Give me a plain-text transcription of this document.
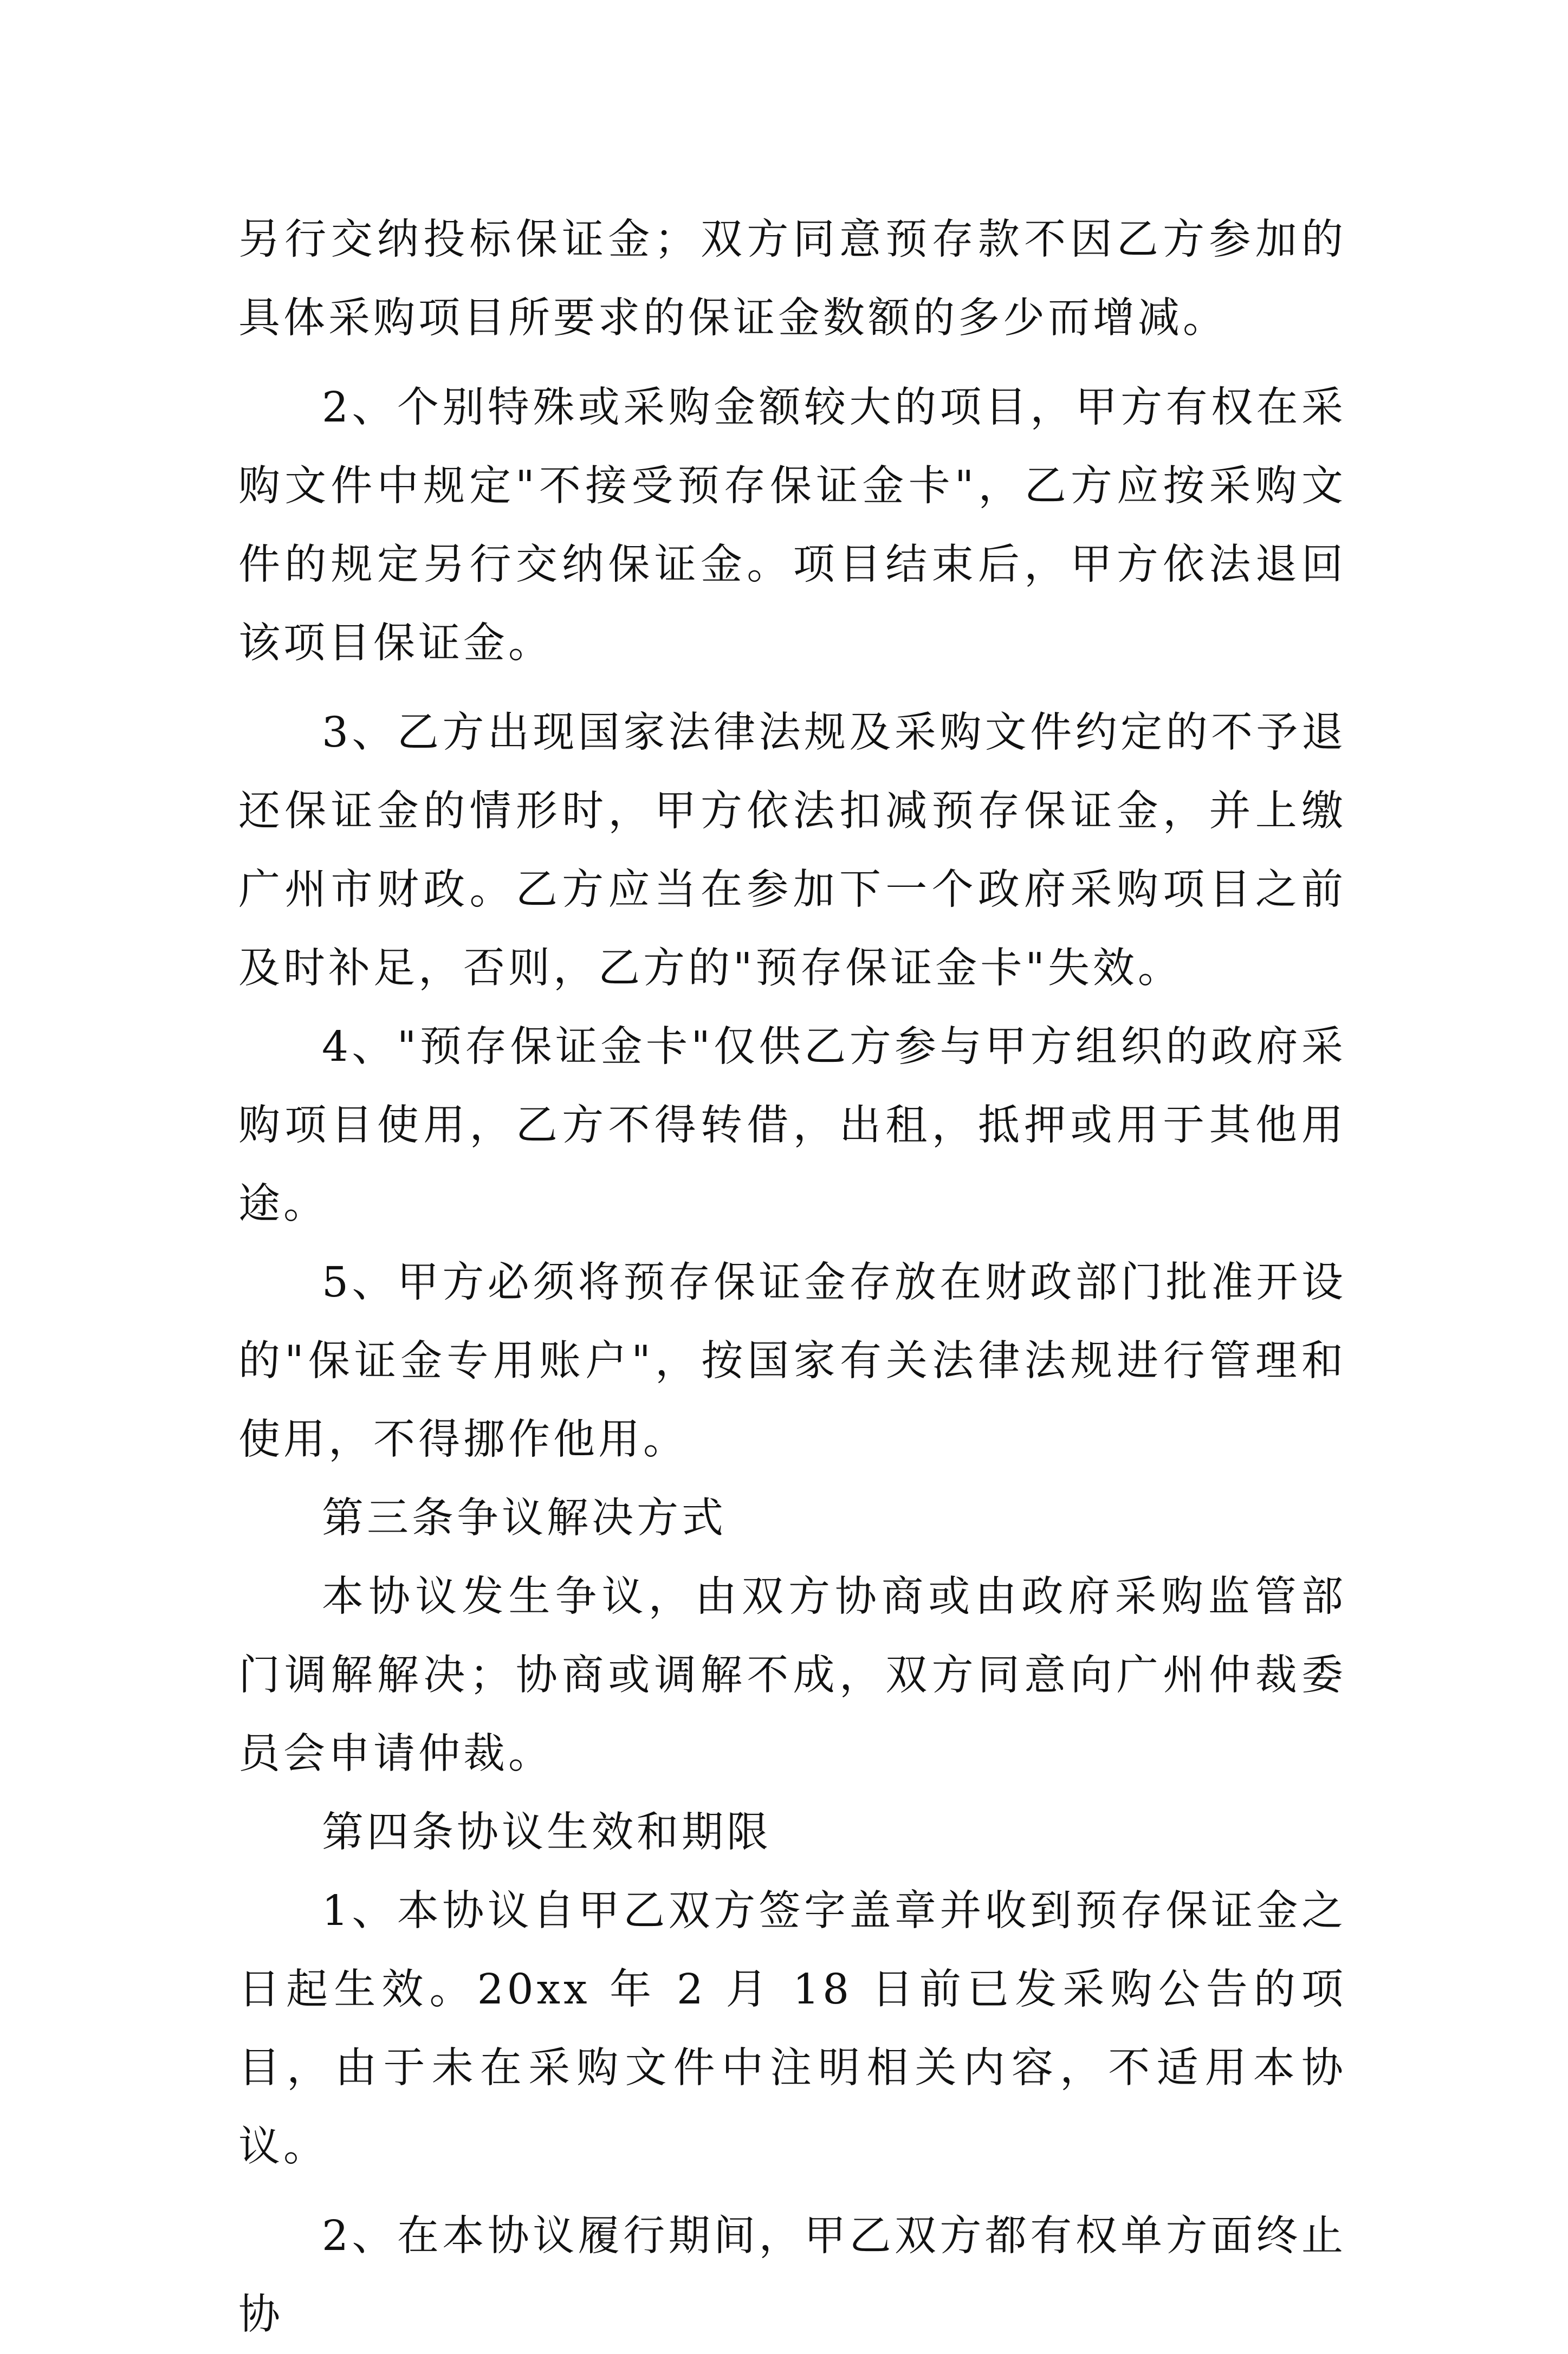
另行交纳投标保证金；双方同意预存款不因乙方参加的具体采购项目所要求的保证金数额的多少而增减。

2、个别特殊或采购金额较大的项目，甲方有权在采购文件中规定"不接受预存保证金卡"，乙方应按采购文件的规定另行交纳保证金。项目结束后，甲方依法退回该项目保证金。

3、乙方出现国家法律法规及采购文件约定的不予退还保证金的情形时，甲方依法扣减预存保证金，并上缴广州市财政。乙方应当在参加下一个政府采购项目之前及时补足，否则，乙方的"预存保证金卡"失效。

4、"预存保证金卡"仅供乙方参与甲方组织的政府采购项目使用，乙方不得转借，出租，抵押或用于其他用途。

5、甲方必须将预存保证金存放在财政部门批准开设的"保证金专用账户"，按国家有关法律法规进行管理和使用，不得挪作他用。

第三条争议解决方式

本协议发生争议，由双方协商或由政府采购监管部门调解解决；协商或调解不成，双方同意向广州仲裁委员会申请仲裁。

第四条协议生效和期限

1、本协议自甲乙双方签字盖章并收到预存保证金之日起生效。20xx 年 2 月 18 日前已发采购公告的项目，由于未在采购文件中注明相关内容，不适用本协议。

2、在本协议履行期间，甲乙双方都有权单方面终止协
